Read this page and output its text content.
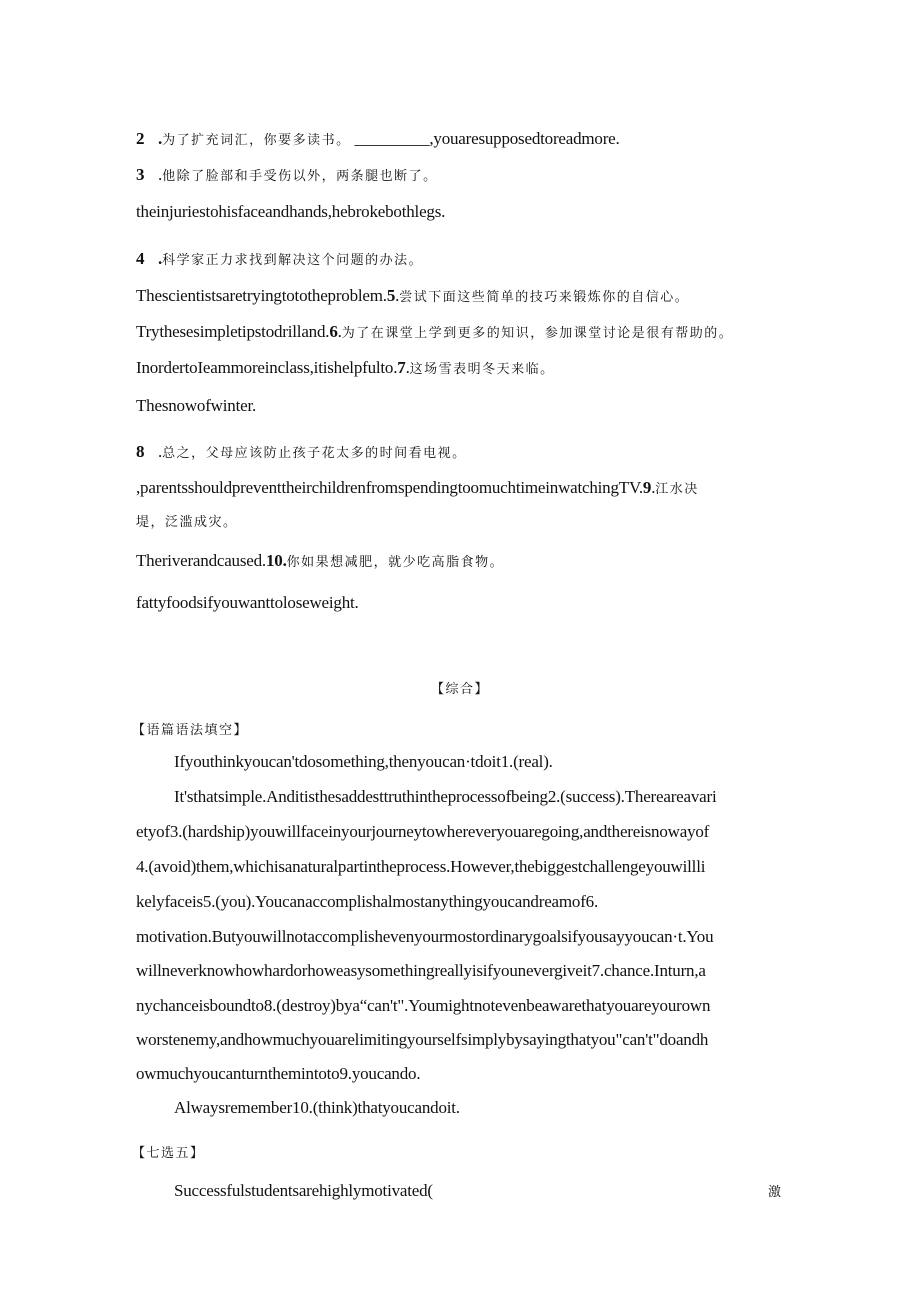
2 .为了扩充词汇，你要多读书。 _________,youaresupposedtoreadmore.
3 .他除了脸部和手受伤以外，两条腿也断了。
theinjuriestohisfaceandhands,hebrokebothlegs.
4 .科学家正力求找到解决这个问题的办法。
Thescientistsaretryingtototheproblem.5.尝试下面这些简单的技巧来锻炼你的自信心。
Trythesesimpletipstodrilland.6.为了在课堂上学到更多的知识，参加课堂讨论是很有帮助的。
InordertoIeammoreinclass,itishelpfulto.7.这场雪表明冬天来临。
Thesnowofwinter.
8 .总之，父母应该防止孩子花太多的时间看电视。
,parentsshouldpreventtheirchildrenfromspendingtoomuchtimeinwatchingTV.9.江水决
堤，泛滥成灾。
Theriverandcaused.10.你如果想减肥，就少吃高脂食物。
fattyfoodsifyouwanttoloseweight.
【综合】
【语篇语法填空】
Ifyouthinkyoucan'tdosomething,thenyoucan·tdoit1.(real).
It'sthatsimple.Anditisthesaddesttruthintheprocessofbeing2.(success).Thereareavari
etyof3.(hardship)youwillfaceinyourjourneytowhereveryouaregoing,andthereisnowayof
4.(avoid)them,whichisanaturalpartintheprocess.However,thebiggestchallengeyouwillli
kelyfaceis5.(you).Youcanaccomplishalmostanythingyoucandreamof6.
motivation.Butyouwillnotaccomplishevenyourmostordinarygoalsifyousayyoucan·t.You
willneverknowhowhardorhoweasysomethingreallyisifyounevergiveit7.chance.Inturn,a
nychanceisboundto8.(destroy)bya“can't".Youmightnotevenbeawarethatyouareyourown
worstenemy,andhowmuchyouarelimitingyourselfsimplybysayingthatyou"can't"doandh
owmuchyoucanturnthemintoto9.youcando.
Alwaysremember10.(think)thatyoucandoit.
【七选五】
Successfulstudentsarehighlymotivated(	激
